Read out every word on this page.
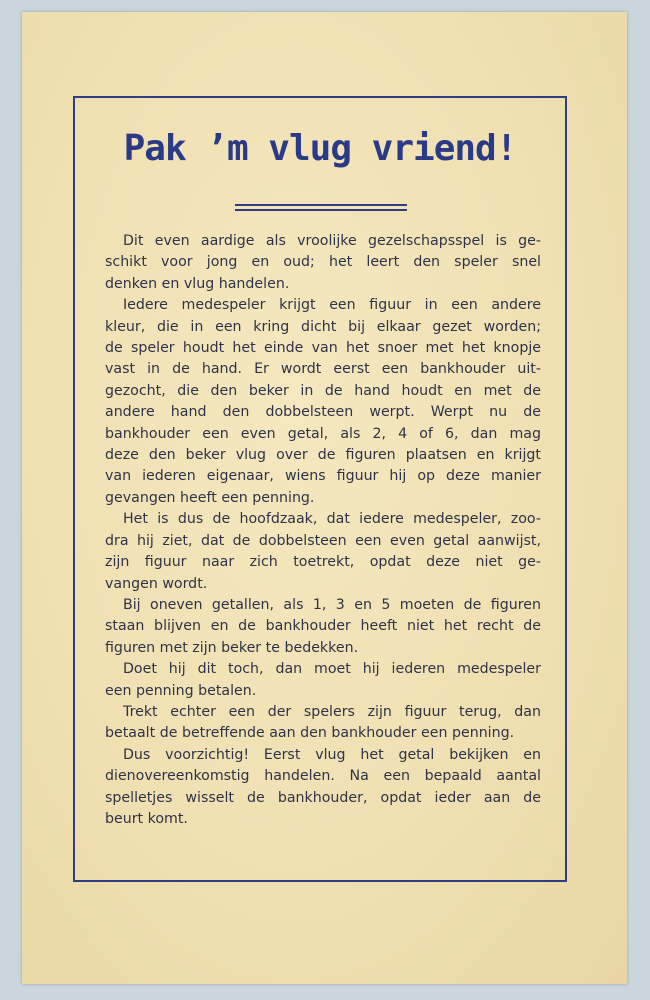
Pak ’m vlug vriend!
Dit even aardige als vroolijke gezelschapsspel is ge-
schikt voor jong en oud; het leert den speler snel
denken en vlug handelen.
Iedere medespeler krijgt een figuur in een andere
kleur, die in een kring dicht bij elkaar gezet worden;
de speler houdt het einde van het snoer met het knopje
vast in de hand. Er wordt eerst een bankhouder uit-
gezocht, die den beker in de hand houdt en met de
andere hand den dobbelsteen werpt. Werpt nu de
bankhouder een even getal, als 2, 4 of 6, dan mag
deze den beker vlug over de figuren plaatsen en krijgt
van iederen eigenaar, wiens figuur hij op deze manier
gevangen heeft een penning.
Het is dus de hoofdzaak, dat iedere medespeler, zoo-
dra hij ziet, dat de dobbelsteen een even getal aanwijst,
zijn figuur naar zich toetrekt, opdat deze niet ge-
vangen wordt.
Bij oneven getallen, als 1, 3 en 5 moeten de figuren
staan blijven en de bankhouder heeft niet het recht de
figuren met zijn beker te bedekken.
Doet hij dit toch, dan moet hij iederen medespeler
een penning betalen.
Trekt echter een der spelers zijn figuur terug, dan
betaalt de betreffende aan den bankhouder een penning.
Dus voorzichtig! Eerst vlug het getal bekijken en
dienovereenkomstig handelen. Na een bepaald aantal
spelletjes wisselt de bankhouder, opdat ieder aan de
beurt komt.
